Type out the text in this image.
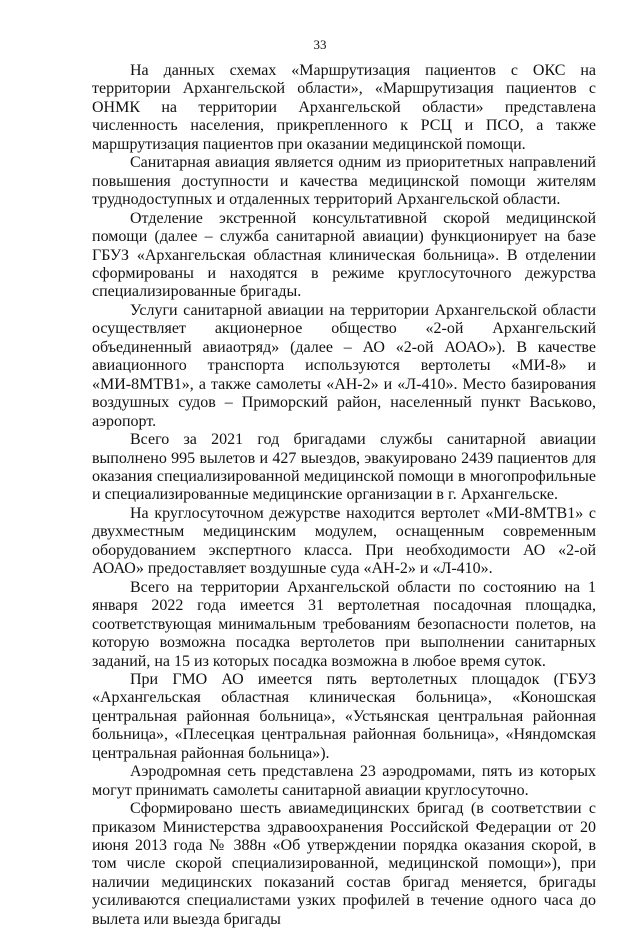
33

На данных схемах «Маршрутизация пациентов с ОКС на территории Архангельской области», «Маршрутизация пациентов с ОНМК на территории Архангельской области» представлена численность населения, прикрепленного к РСЦ и ПСО, а также маршрутизация пациентов при оказании медицинской помощи.

Санитарная авиация является одним из приоритетных направлений повышения доступности и качества медицинской помощи жителям труднодоступных и отдаленных территорий Архангельской области.

Отделение экстренной консультативной скорой медицинской помощи (далее – служба санитарной авиации) функционирует на базе ГБУЗ «Архангельская областная клиническая больница». В отделении сформированы и находятся в режиме круглосуточного дежурства специализированные бригады.

Услуги санитарной авиации на территории Архангельской области осуществляет акционерное общество «2-ой Архангельский объединенный авиаотряд» (далее – АО «2-ой АОАО»). В качестве авиационного транспорта используются вертолеты «МИ-8» и «МИ-8МТВ1», а также самолеты «АН-2» и «Л-410». Место базирования воздушных судов – Приморский район, населенный пункт Васьково, аэропорт.

Всего за 2021 год бригадами службы санитарной авиации выполнено 995 вылетов и 427 выездов, эвакуировано 2439 пациентов для оказания специализированной медицинской помощи в многопрофильные и специализированные медицинские организации в г. Архангельске.

На круглосуточном дежурстве находится вертолет «МИ-8МТВ1» с двухместным медицинским модулем, оснащенным современным оборудованием экспертного класса. При необходимости АО «2-ой АОАО» предоставляет воздушные суда «АН-2» и «Л-410».

Всего на территории Архангельской области по состоянию на 1 января 2022 года имеется 31 вертолетная посадочная площадка, соответствующая минимальным требованиям безопасности полетов, на которую возможна посадка вертолетов при выполнении санитарных заданий, на 15 из которых посадка возможна в любое время суток.

При ГМО АО имеется пять вертолетных площадок (ГБУЗ «Архангельская областная клиническая больница», «Коношская центральная районная больница», «Устьянская центральная районная больница», «Плесецкая центральная районная больница», «Няндомская центральная районная больница»).

Аэродромная сеть представлена 23 аэродромами, пять из которых могут принимать самолеты санитарной авиации круглосуточно.

Сформировано шесть авиамедицинских бригад (в соответствии с приказом Министерства здравоохранения Российской Федерации от 20 июня 2013 года № 388н «Об утверждении порядка оказания скорой, в том числе скорой специализированной, медицинской помощи»), при наличии медицинских показаний состав бригад меняется, бригады усиливаются специалистами узких профилей в течение одного часа до вылета или выезда бригады
